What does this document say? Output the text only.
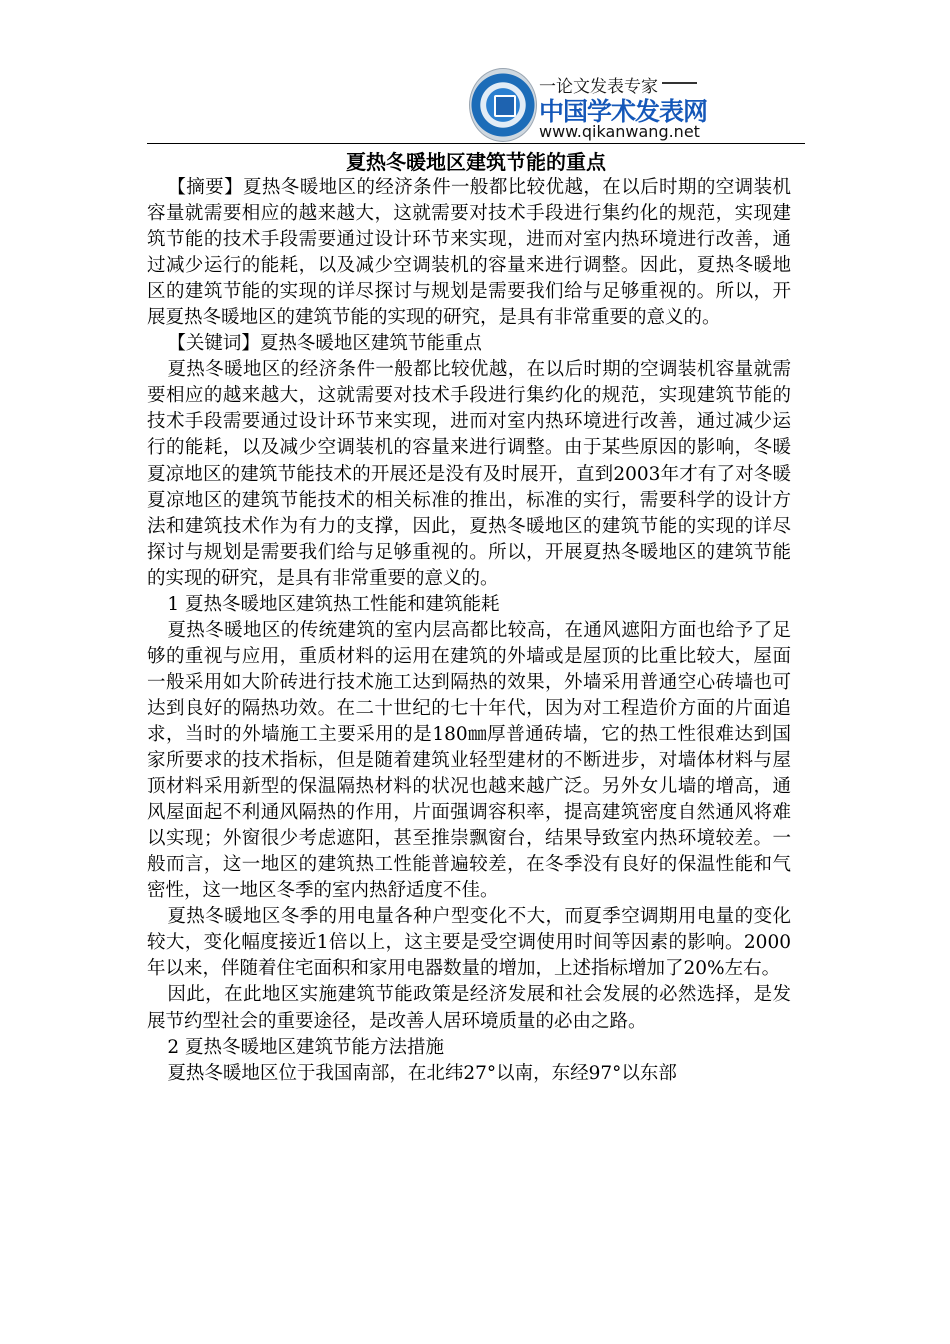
一论文发表专家
中国学术发表网
www.qikanwang.net
夏热冬暖地区建筑节能的重点

【摘要】夏热冬暖地区的经济条件一般都比较优越，在以后时期的空调装机容量就需要相应的越来越大，这就需要对技术手段进行集约化的规范，实现建筑节能的技术手段需要通过设计环节来实现，进而对室内热环境进行改善，通过减少运行的能耗，以及减少空调装机的容量来进行调整。因此，夏热冬暖地区的建筑节能的实现的详尽探讨与规划是需要我们给与足够重视的。所以，开展夏热冬暖地区的建筑节能的实现的研究，是具有非常重要的意义的。

【关键词】夏热冬暖地区建筑节能重点

夏热冬暖地区的经济条件一般都比较优越，在以后时期的空调装机容量就需要相应的越来越大，这就需要对技术手段进行集约化的规范，实现建筑节能的技术手段需要通过设计环节来实现，进而对室内热环境进行改善，通过减少运行的能耗，以及减少空调装机的容量来进行调整。由于某些原因的影响，冬暖夏凉地区的建筑节能技术的开展还是没有及时展开，直到2003年才有了对冬暖夏凉地区的建筑节能技术的相关标准的推出，标准的实行，需要科学的设计方法和建筑技术作为有力的支撑，因此，夏热冬暖地区的建筑节能的实现的详尽探讨与规划是需要我们给与足够重视的。所以，开展夏热冬暖地区的建筑节能的实现的研究，是具有非常重要的意义的。

1 夏热冬暖地区建筑热工性能和建筑能耗

夏热冬暖地区的传统建筑的室内层高都比较高，在通风遮阳方面也给予了足够的重视与应用，重质材料的运用在建筑的外墙或是屋顶的比重比较大，屋面一般采用如大阶砖进行技术施工达到隔热的效果，外墙采用普通空心砖墙也可达到良好的隔热功效。在二十世纪的七十年代，因为对工程造价方面的片面追求，当时的外墙施工主要采用的是180㎜厚普通砖墙，它的热工性很难达到国家所要求的技术指标，但是随着建筑业轻型建材的不断进步，对墙体材料与屋顶材料采用新型的保温隔热材料的状况也越来越广泛。另外女儿墙的增高，通风屋面起不利通风隔热的作用，片面强调容积率，提高建筑密度自然通风将难以实现；外窗很少考虑遮阳，甚至推崇飘窗台，结果导致室内热环境较差。一般而言，这一地区的建筑热工性能普遍较差，在冬季没有良好的保温性能和气密性，这一地区冬季的室内热舒适度不佳。

夏热冬暖地区冬季的用电量各种户型变化不大，而夏季空调期用电量的变化较大，变化幅度接近1倍以上，这主要是受空调使用时间等因素的影响。2000年以来，伴随着住宅面积和家用电器数量的增加，上述指标增加了20%左右。

因此，在此地区实施建筑节能政策是经济发展和社会发展的必然选择，是发展节约型社会的重要途径，是改善人居环境质量的必由之路。

2 夏热冬暖地区建筑节能方法措施

夏热冬暖地区位于我国南部，在北纬27°以南，东经97°以东部
